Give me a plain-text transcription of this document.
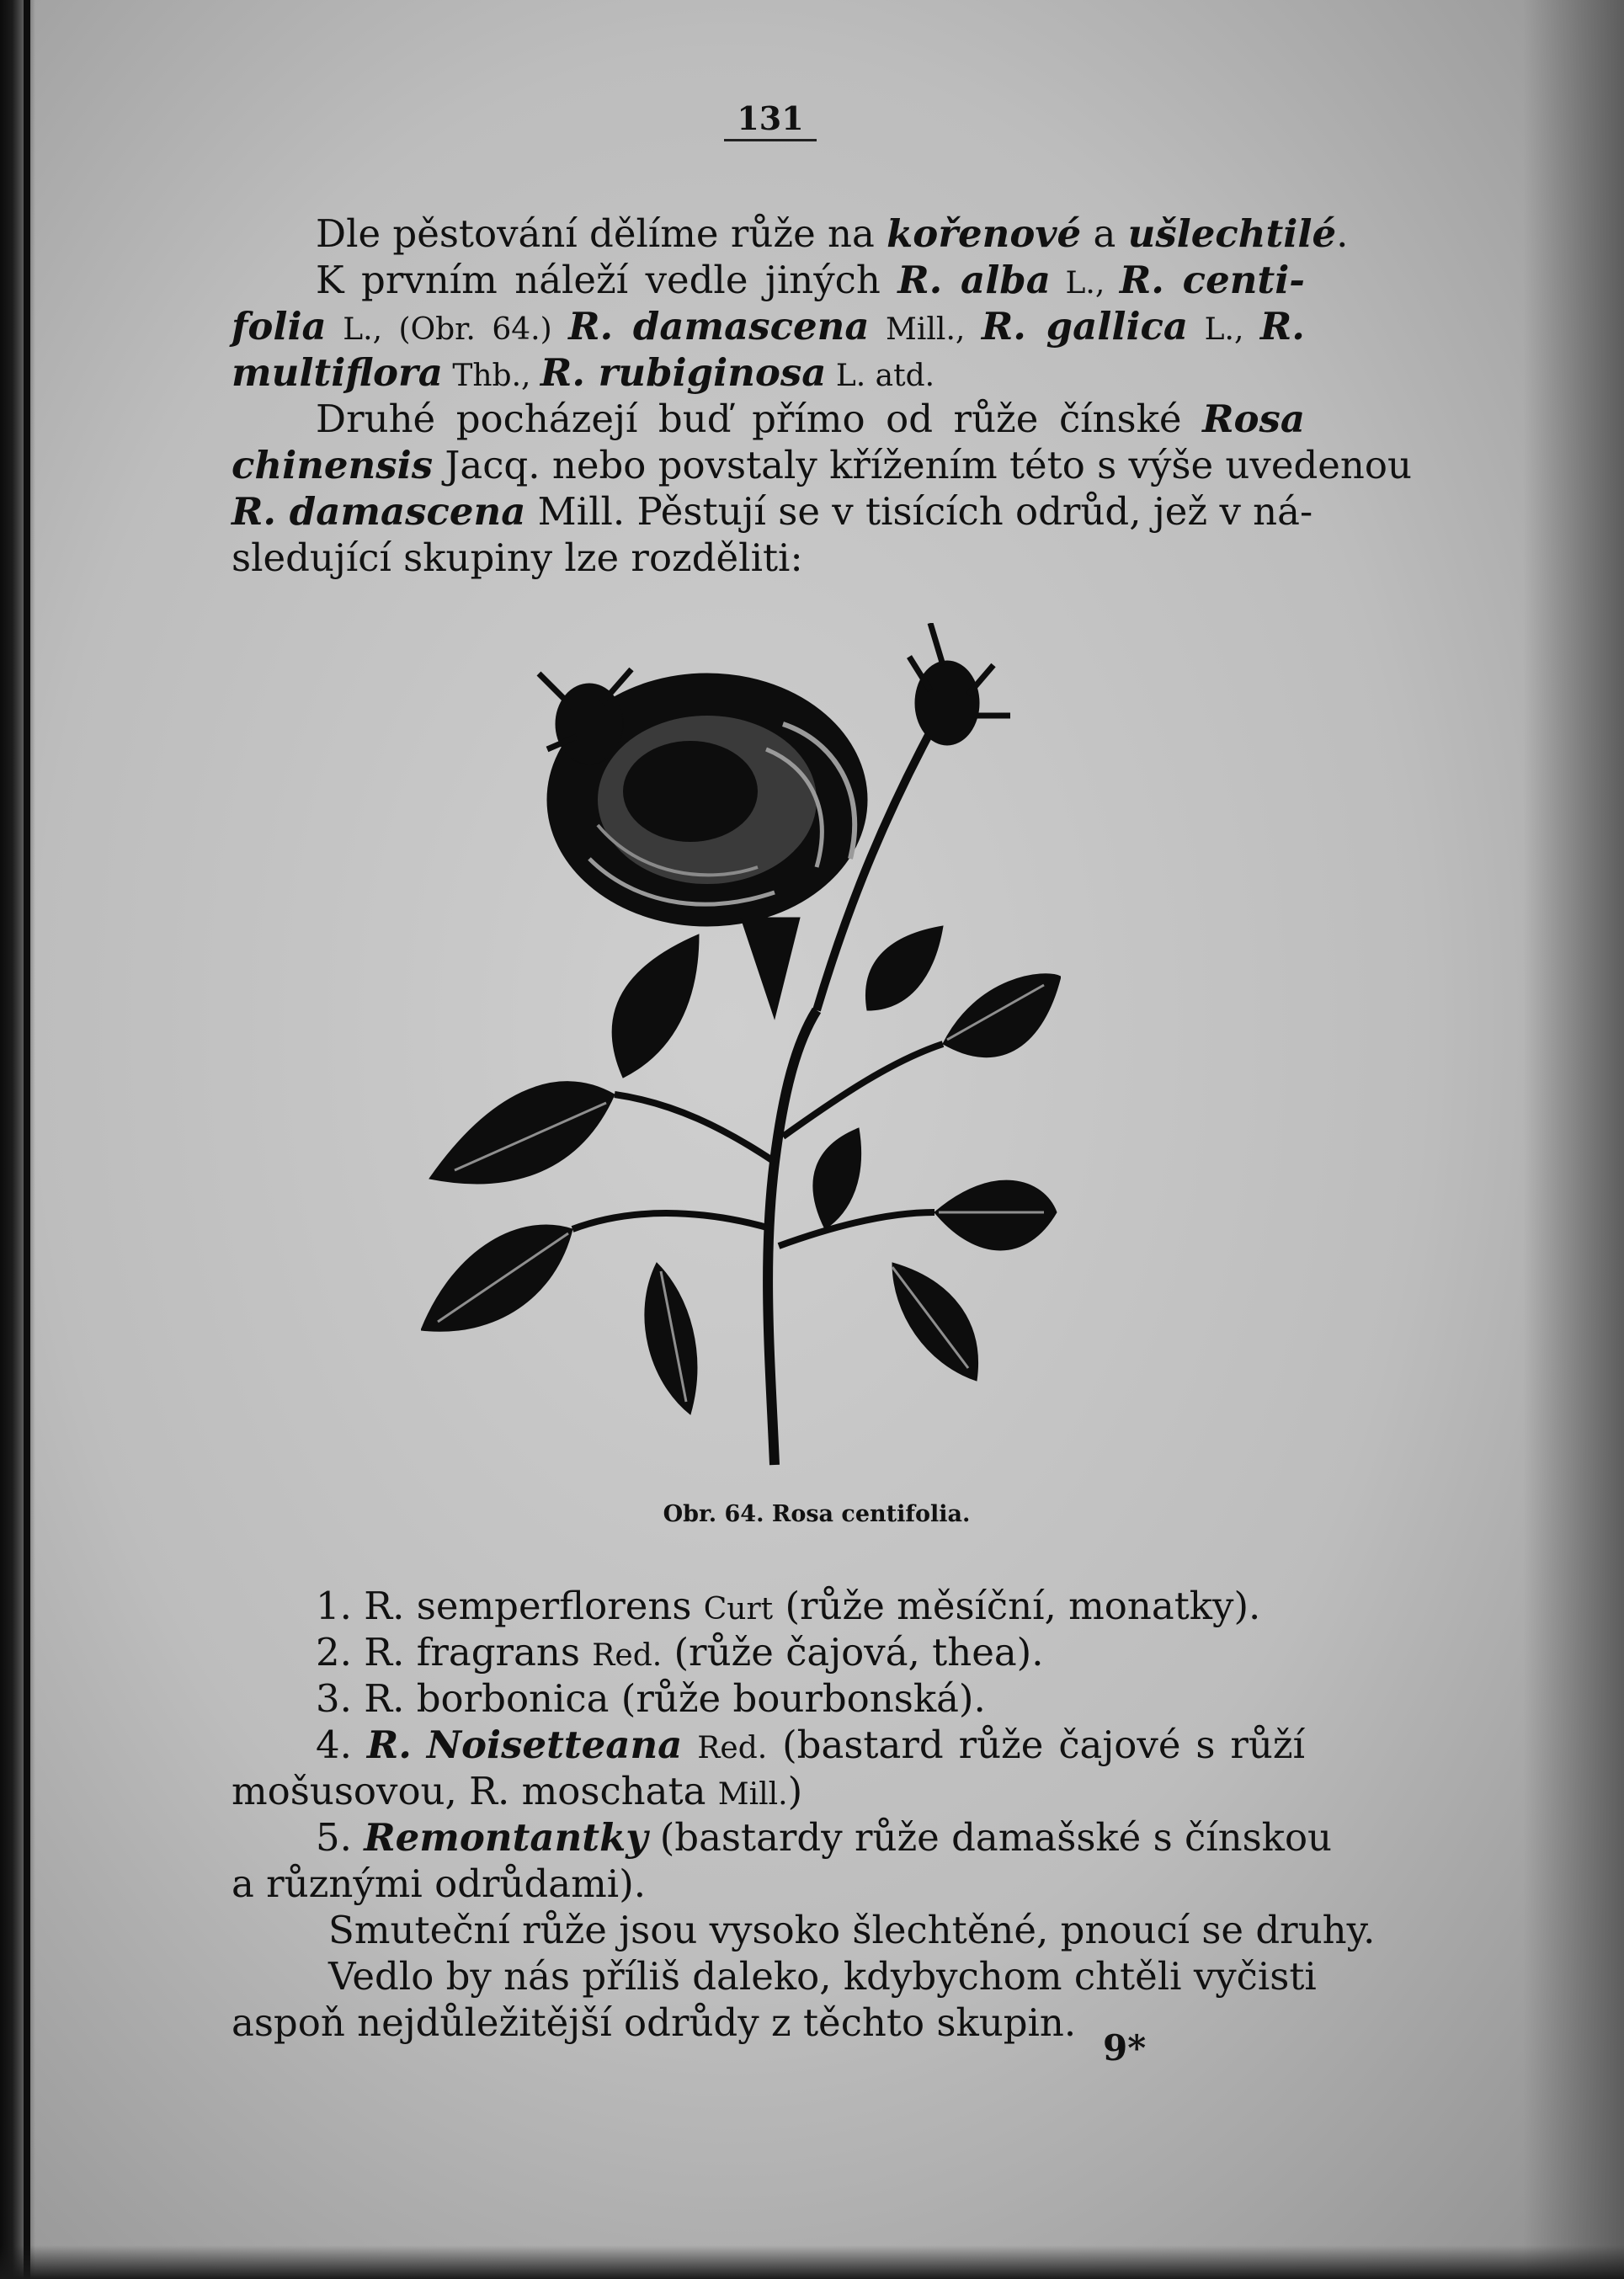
131
Dle pěstování dělíme růže na kořenové a ušlechtilé.
K prvním náleží vedle jiných R. alba L., R. centi-
folia L., (Obr. 64.) R. damascena Mill., R. gallica L., R.
multiflora Thb., R. rubiginosa L. atd.
Druhé pocházejí buď přímo od růže čínské Rosa
chinensis Jacq. nebo povstaly křížením této s výše uvedenou
R. damascena Mill. Pěstují se v tisících odrůd, jež v ná-
sledující skupiny lze rozděliti:
Obr. 64. Rosa centifolia.
1. R. semperflorens Curt (růže měsíční, monatky).
2. R. fragrans Red. (růže čajová, thea).
3. R. borbonica (růže bourbonská).
4. R. Noisetteana Red. (bastard růže čajové s růží
mošusovou, R. moschata Mill.)
5. Remontantky (bastardy růže damašské s čínskou
a různými odrůdami).
Smuteční růže jsou vysoko šlechtěné, pnoucí se druhy.
Vedlo by nás příliš daleko, kdybychom chtěli vyčisti
aspoň nejdůležitější odrůdy z těchto skupin.
9*
